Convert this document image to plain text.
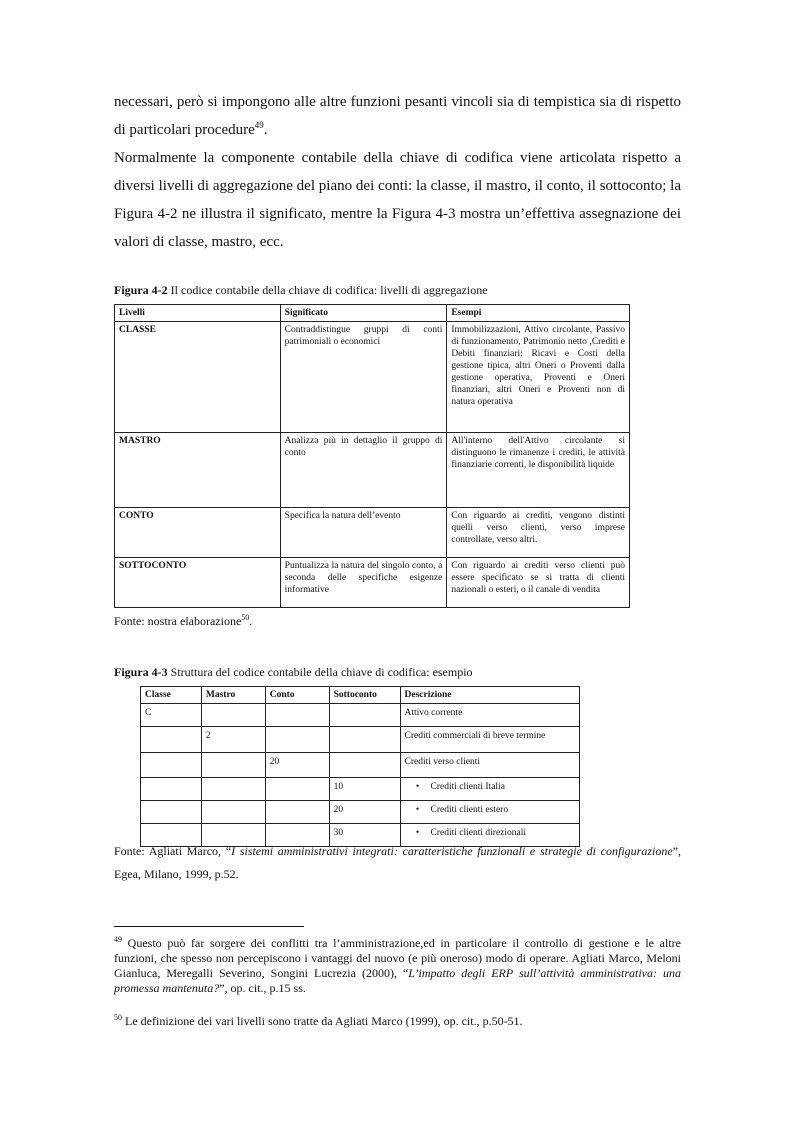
necessari, però si impongono alle altre funzioni pesanti vincoli sia di tempistica sia di rispetto di particolari procedure$^{49}$.

Normalmente la componente contabile della chiave di codifica viene articolata rispetto a diversi livelli di aggregazione del piano dei conti: la classe, il mastro, il conto, il sottoconto; la Figura 4-2 ne illustra il significato, mentre la Figura 4-3 mostra un’effettiva assegnazione dei valori di classe, mastro, ecc.

Figura 4-2 Il codice contabile della chiave di codifica: livelli di aggregazione

Livelli	Significato	Esempi
CLASSE	Contraddistingue gruppi di conti patrimoniali o economici	Immobilizzazioni, Attivo circolante, Passivo di funzionamento, Patrimonio netto ,Crediti e Debiti finanziari; Ricavi e Costi della gestione tipica, altri Oneri o Proventi dalla gestione operativa, Proventi e Oneri finanziari, altri Oneri e Proventi non di natura operativa
MASTRO	Analizza più in dettaglio il gruppo di conto	All'interno dell'Attivo circolante si distinguono le rimanenze i crediti, le attività finanziarie correnti, le disponibilità liquide
CONTO	Specifica la natura dell’evento	Con riguardo ai crediti, vengono distinti quelli verso clienti, verso imprese controllate, verso altri.
SOTTOCONTO	Puntualizza la natura del singolo conto, a seconda delle specifiche esigenze informative	Con riguardo ai crediti verso clienti può essere specificato se si tratta di clienti nazionali o esteri, o il canale di vendita

Fonte: nostra elaborazione$^{50}$.

Figura 4-3 Struttura del codice contabile della chiave di codifica: esempio

Classe	Mastro	Conto	Sottoconto	Descrizione
C				Attivo corrente
	2			Crediti commerciali di breve termine
		20		Crediti verso clienti
			10	• Crediti clienti Italia
			20	• Crediti clienti estero
			30	• Crediti clienti direzionali

Fonte: Agliati Marco, “I sistemi amministrativi integrati: caratteristiche funzionali e strategie di configurazione”, Egea, Milano, 1999, p.52.

$^{49}$ Questo può far sorgere dei conflitti tra l’amministrazione,ed in particolare il controllo di gestione e le altre funzioni, che spesso non percepiscono i vantaggi del nuovo (e più oneroso) modo di operare. Agliati Marco, Meloni Gianluca, Meregalli Severino, Songini Lucrezia (2000), “L’impatto degli ERP sull’attività amministrativa: una promessa mantenuta?”, op. cit., p.15 ss.

$^{50}$ Le definizione dei vari livelli sono tratte da Agliati Marco (1999), op. cit., p.50-51.
